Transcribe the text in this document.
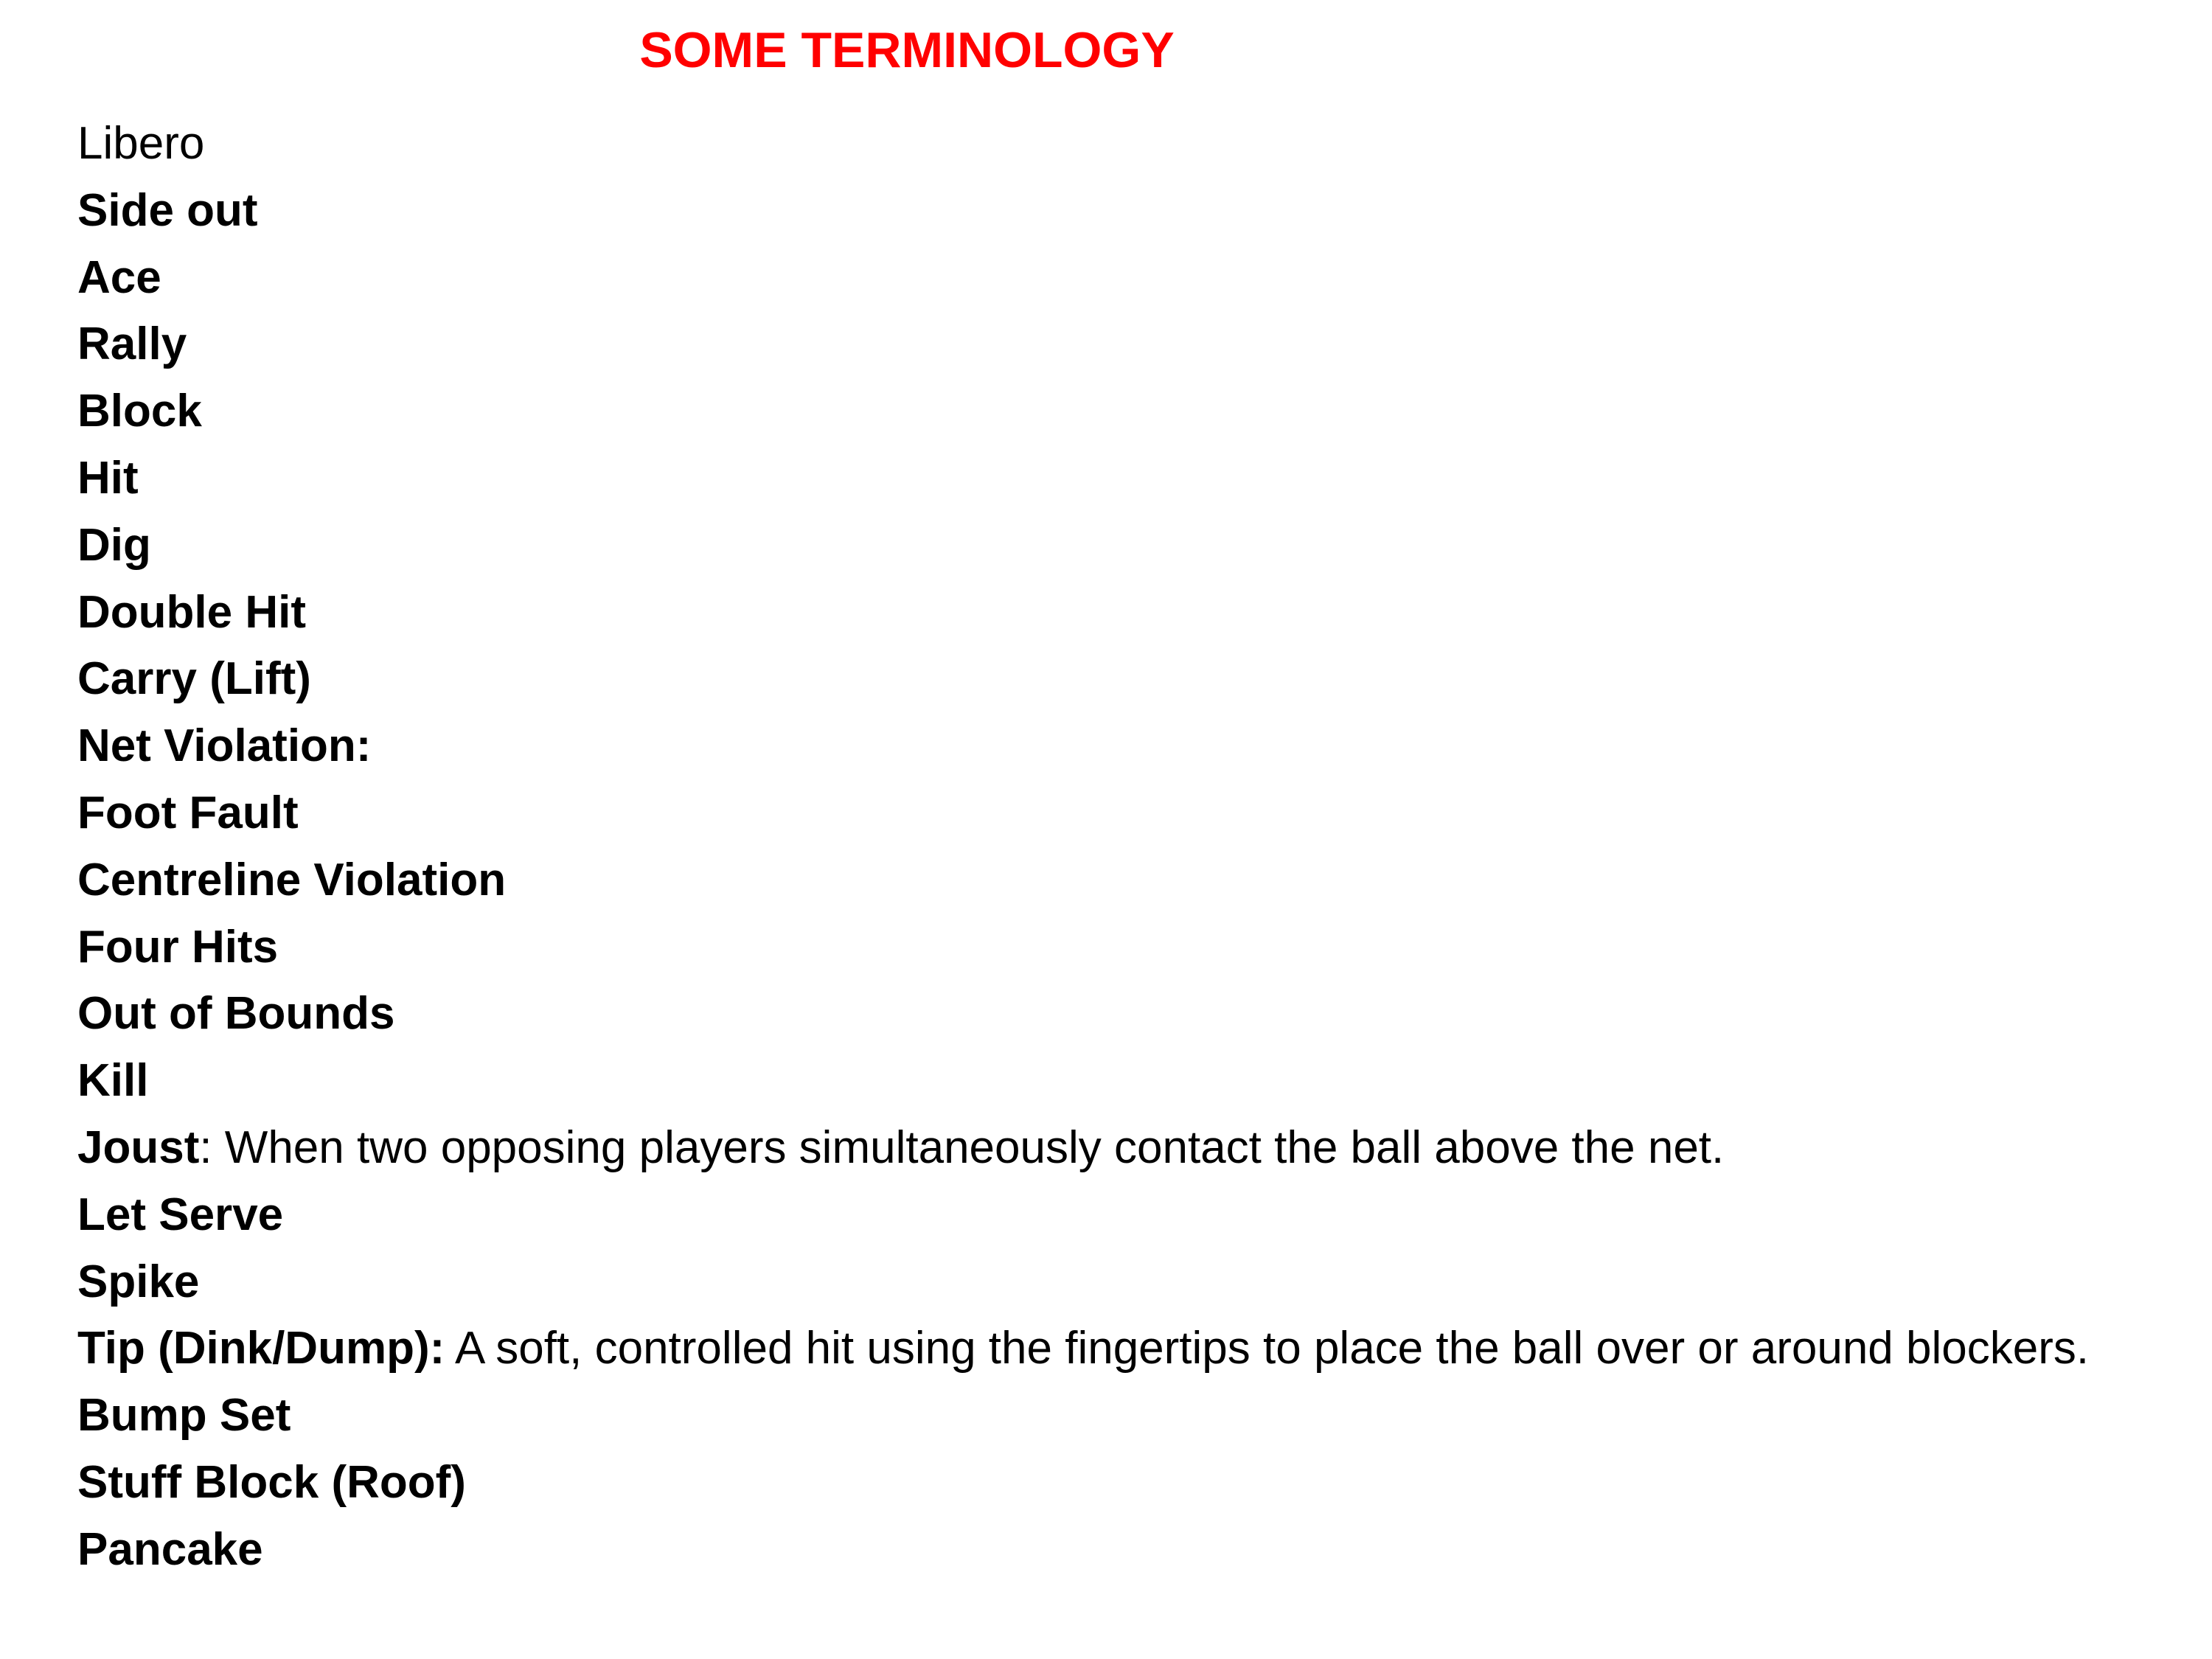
SOME TERMINOLOGY
Libero
Side out
Ace
Rally
Block
Hit
Dig
Double Hit
Carry (Lift)
Net Violation:
Foot Fault
Centreline Violation
Four Hits
Out of Bounds
Kill
Joust: When two opposing players simultaneously contact the ball above the net.
Let Serve
Spike
Tip (Dink/Dump): A soft, controlled hit using the fingertips to place the ball over or around blockers.
Bump Set
Stuff Block (Roof)
Pancake
